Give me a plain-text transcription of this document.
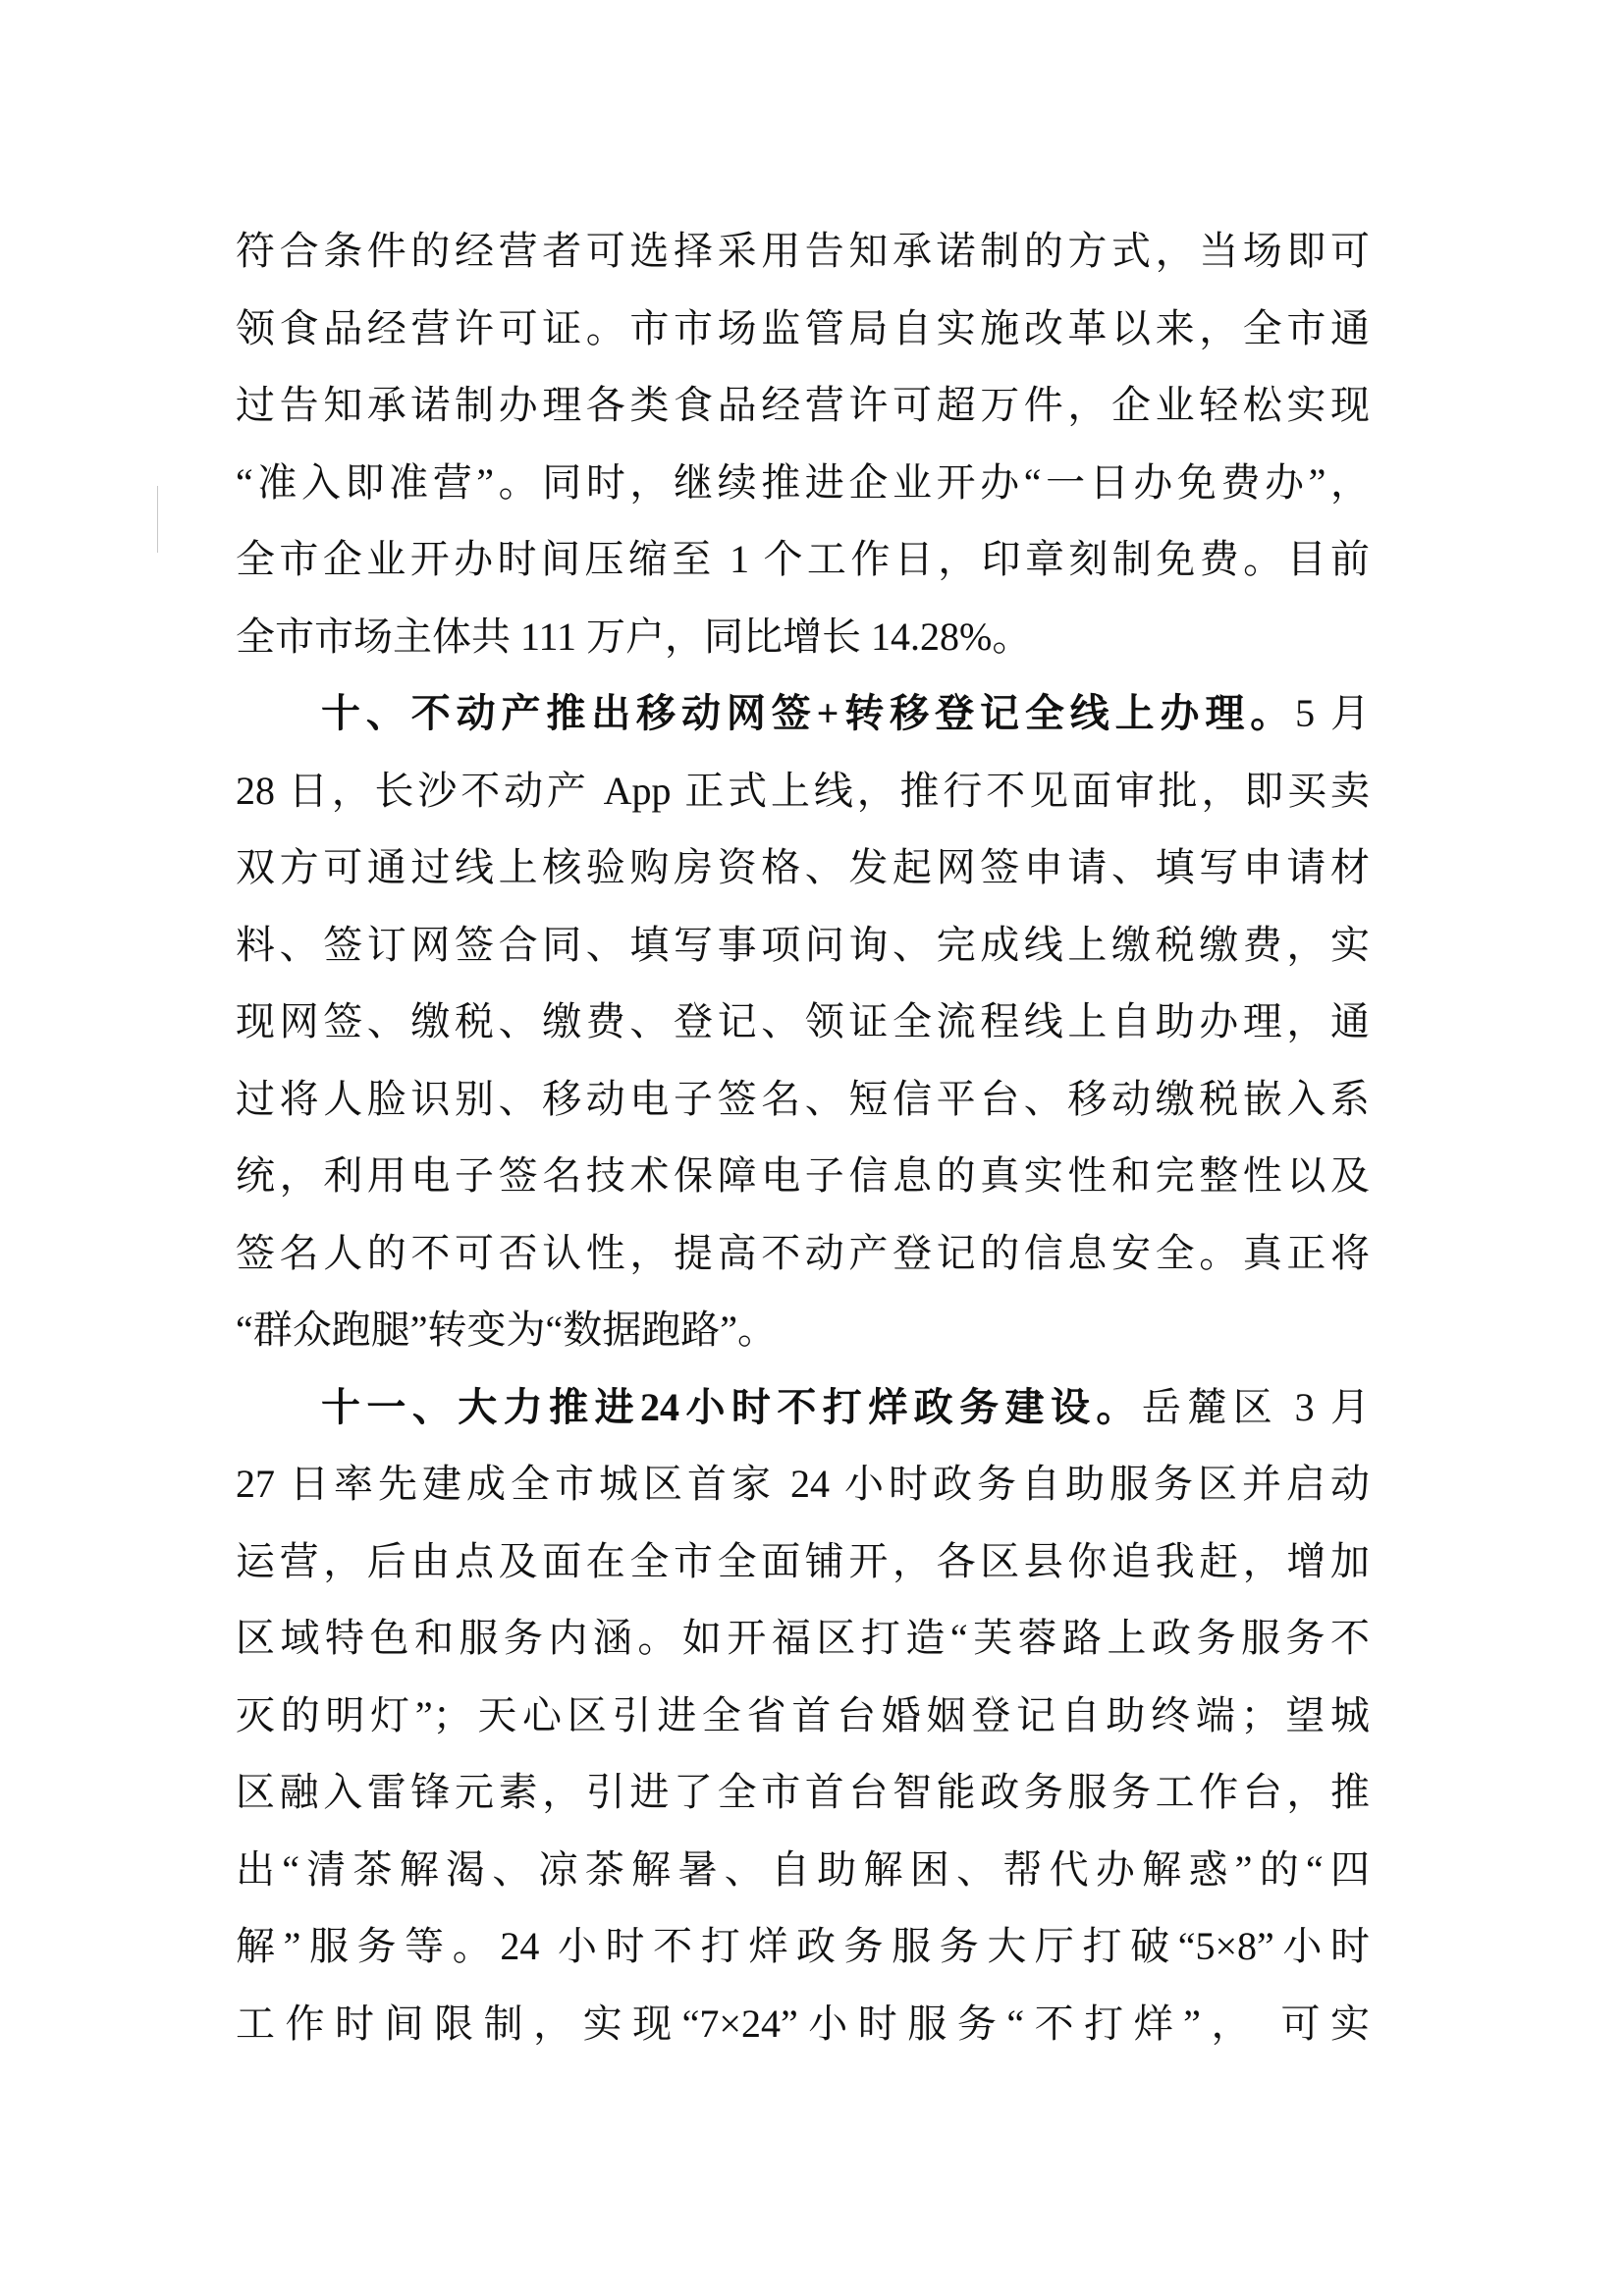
符合条件的经营者可选择采用告知承诺制的方式，当场即可
领食品经营许可证。市市场监管局自实施改革以来，全市通
过告知承诺制办理各类食品经营许可超万件，企业轻松实现
“准入即准营”。同时，继续推进企业开办“一日办免费办”，
全市企业开办时间压缩至 1 个工作日，印章刻制免费。目前
全市市场主体共 111 万户，同比增长 14.28%。
十、不动产推出移动网签+转移登记全线上办理。5 月
28 日，长沙不动产 App 正式上线，推行不见面审批，即买卖
双方可通过线上核验购房资格、发起网签申请、填写申请材
料、签订网签合同、填写事项问询、完成线上缴税缴费，实
现网签、缴税、缴费、登记、领证全流程线上自助办理，通
过将人脸识别、移动电子签名、短信平台、移动缴税嵌入系
统，利用电子签名技术保障电子信息的真实性和完整性以及
签名人的不可否认性，提高不动产登记的信息安全。真正将
“群众跑腿”转变为“数据跑路”。
十一、大力推进24小时不打烊政务建设。岳麓区 3 月
27 日率先建成全市城区首家 24 小时政务自助服务区并启动
运营，后由点及面在全市全面铺开，各区县你追我赶，增加
区域特色和服务内涵。如开福区打造“芙蓉路上政务服务不
灭的明灯”；天心区引进全省首台婚姻登记自助终端；望城
区融入雷锋元素，引进了全市首台智能政务服务工作台，推
出“清茶解渴、凉茶解暑、自助解困、帮代办解惑”的“四
解”服务等。24 小时不打烊政务服务大厅打破“5×8”小时
工作时间限制，实现“7×24”小时服务“不打烊”， 可实
